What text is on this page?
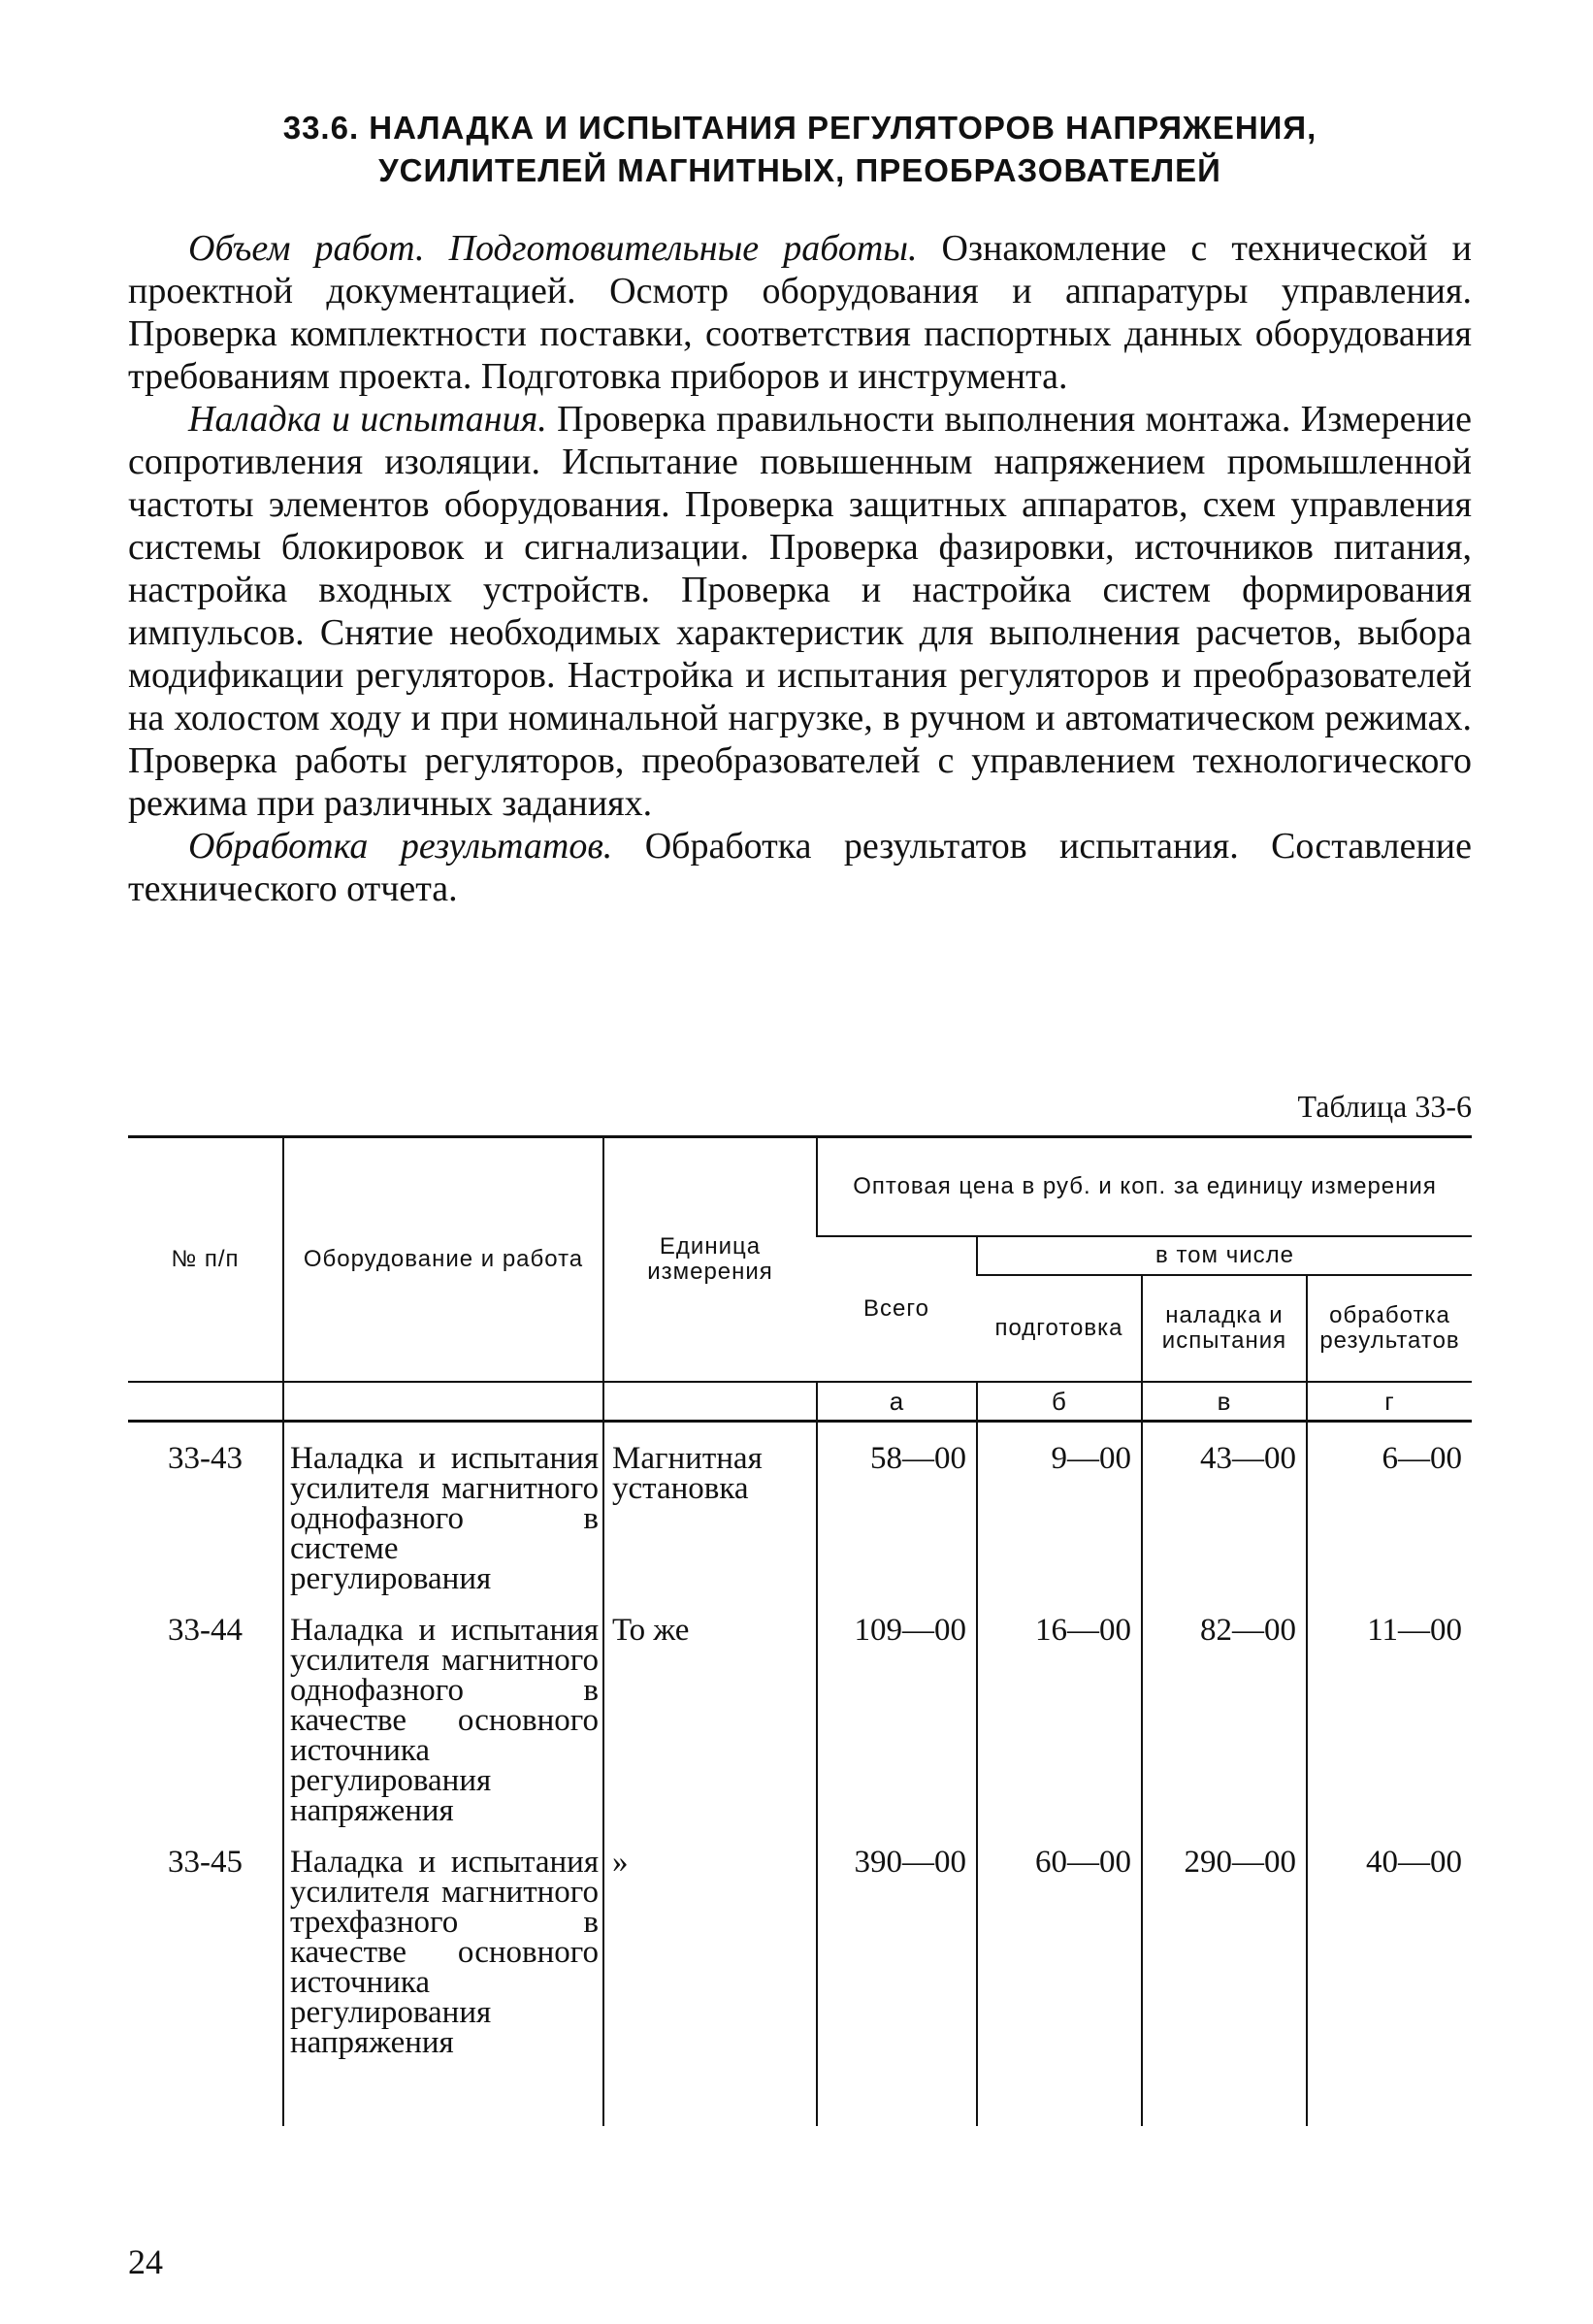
33.6. НАЛАДКА И ИСПЫТАНИЯ РЕГУЛЯТОРОВ НАПРЯЖЕНИЯ,
УСИЛИТЕЛЕЙ МАГНИТНЫХ, ПРЕОБРАЗОВАТЕЛЕЙ

Объем работ. Подготовительные работы. Ознакомление с технической и проектной документацией. Осмотр оборудования и аппаратуры управления. Проверка комплектности поставки, соответствия паспортных данных оборудования требованиям проекта. Подготовка приборов и инструмента.

Наладка и испытания. Проверка правильности выполнения монтажа. Измерение сопротивления изоляции. Испытание повышенным напряжением промышленной частоты элементов оборудования. Проверка защитных аппаратов, схем управления системы блокировок и сигнализации. Проверка фазировки, источников питания, настройка входных устройств. Проверка и настройка систем формирования импульсов. Снятие необходимых характеристик для выполнения расчетов, выбора модификации регуляторов. Настройка и испытания регуляторов и преобразователей на холостом ходу и при номинальной нагрузке, в ручном и автоматическом режимах. Проверка работы регуляторов, преобразователей с управлением технологического режима при различных заданиях.

Обработка результатов. Обработка результатов испытания. Составление технического отчета.

Таблица 33-6
№ п/п	Оборудование и работа	Единица измерения	Оптовая цена в руб. и коп. за единицу измерения			
			Всего	в том числе		
				подготовка	наладка и испытания	обработка результатов
			а	б	в	г
33-43	Наладка и испытания усилителя магнитного однофазного в системе регулирования	Магнитная установка	58—00	9—00	43—00	6—00
33-44	Наладка и испытания усилителя магнитного однофазного в качестве основного источника регулирования напряжения	То же	109—00	16—00	82—00	11—00
33-45	Наладка и испытания усилителя магнитного трехфазного в качестве основного источника регулирования напряжения	»	390—00	60—00	290—00	40—00
24
